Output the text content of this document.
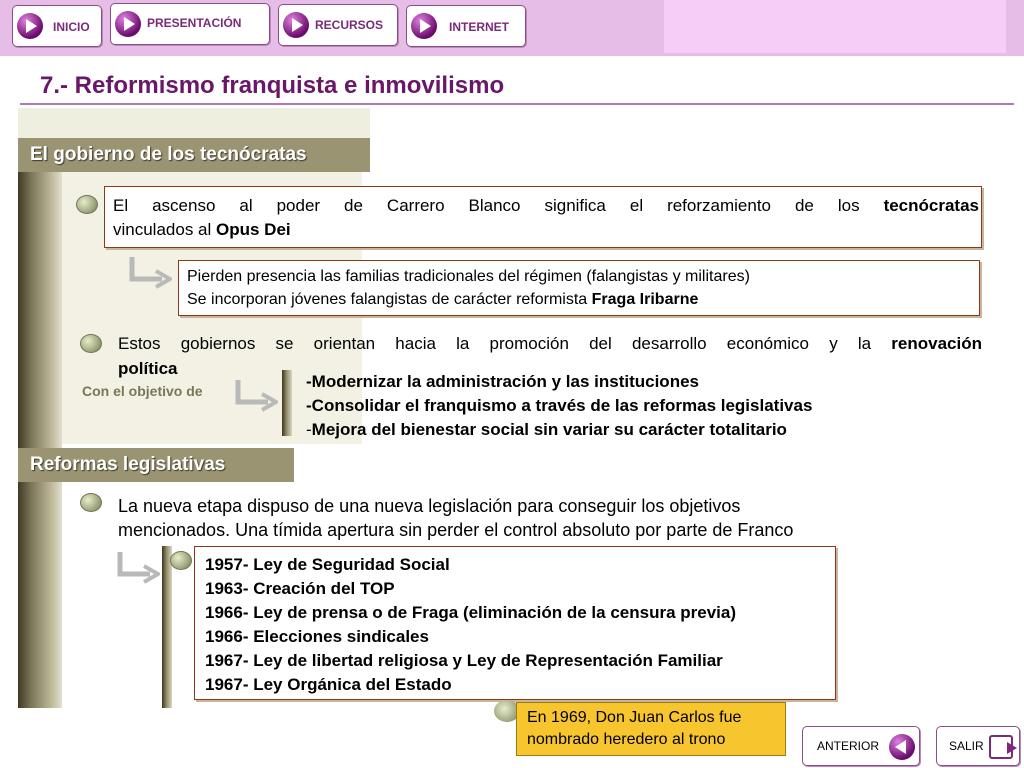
INICIO	PRESENTACIÓN	RECURSOS	INTERNET
7.- Reformismo franquista e inmovilismo
El gobierno de los tecnócratas
El ascenso al poder de Carrero Blanco significa el reforzamiento de los tecnócratas
vinculados al Opus Dei
Pierden presencia las familias tradicionales del régimen (falangistas y militares)
Se incorporan jóvenes falangistas de carácter reformista Fraga Iribarne
Estos gobiernos se orientan hacia la promoción del desarrollo económico y la renovación
política
Con el objetivo de	-Modernizar la administración y las instituciones
-Consolidar el franquismo a través de las reformas legislativas
-Mejora del bienestar social sin variar su carácter totalitario
Reformas legislativas
La nueva etapa dispuso de una nueva legislación para conseguir los objetivos
mencionados. Una tímida apertura sin perder el control absoluto por parte de Franco
1957- Ley de Seguridad Social
1963- Creación del TOP
1966- Ley de prensa o de Fraga (eliminación de la censura previa)
1966- Elecciones sindicales
1967- Ley de libertad religiosa y Ley de Representación Familiar
1967- Ley Orgánica del Estado
En 1969, Don Juan Carlos fue nombrado heredero al trono	ANTERIOR	SALIR
